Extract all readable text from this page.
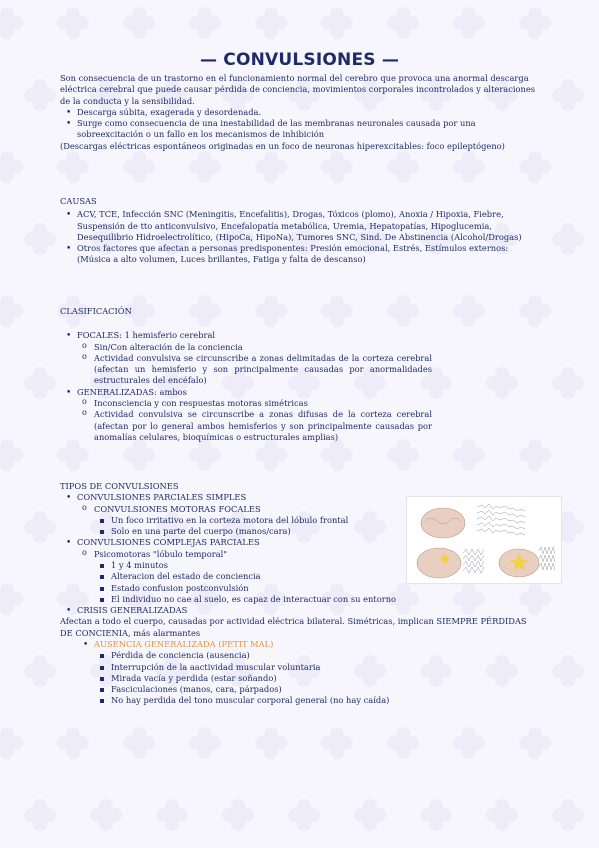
— CONVULSIONES —

Son consecuencia de un trastorno en el funcionamiento normal del cerebro que provoca una anormal descarga eléctrica cerebral que puede causar pérdida de conciencia, movimientos corporales incontrolados y alteraciones de la conducta y la sensibilidad.

• Descarga súbita, exagerada y desordenada.
• Surge como consecuencia de una inestabilidad de las membranas neuronales causada por una sobreexcitación o un fallo en los mecanismos de inhibición

(Descargas eléctricas espontáneos originadas en un foco de neuronas hiperexcitables: foco epileptógeno)

CAUSAS

• ACV, TCE, Infección SNC (Meningitis, Encefalitis), Drogas, Tóxicos (plomo), Anoxia / Hipoxia, Fiebre, Suspensión de tto anticonvulsivo, Encefalopatía metabólica, Uremia, Hepatopatías, Hipoglucemia, Desequilibrio Hidroelectrolítico, (HipoCa, HipoNa), Tumores SNC, Sind. De Abstinencia (Alcohol/Drogas)
• Otros factores que afectan a personas predisponentes: Presión emocional, Estrés, Estímulos externos: (Música a alto volumen, Luces brillantes, Fatiga y falta de descanso)

CLASIFICACIÓN

• FOCALES: 1 hemisferio cerebral
o Sin/Con alteración de la conciencia
o Actividad convulsiva se circunscribe a zonas delimitadas de la corteza cerebral (afectan un hemisferio y son principalmente causadas por anormalidades estructurales del encéfalo)
• GENERALIZADAS: ambos
o Inconsciencia y con respuestas motoras simétricas
o Actividad convulsiva se circunscribe a zonas difusas de la corteza cerebral (afectan por lo general ambos hemisferios y son principalmente causadas por anomalías celulares, bioquímicas o estructurales amplias)

TIPOS DE CONVULSIONES

• CONVULSIONES PARCIALES SIMPLES
o CONVULSIONES MOTORAS FOCALES
Un foco irritativo en la corteza motora del lóbulo frontal
Solo en una parte del cuerpo (manos/cara)
• CONVULSIONES COMPLEJAS PARCIALES
o Psicomotoras "lóbulo temporal"
1 y 4 minutos
Alteracion del estado de conciencia
Estado confusion postconvulsión
El individuo no cae al suelo, es capaz de interactuar con su entorno
• CRISIS GENERALIZADAS

Afectan a todo el cuerpo, causadas por actividad eléctrica bilateral. Simétricas, implican SIEMPRE PÉRDIDAS DE CONCIENIA, más alarmantes

• AUSENCIA GENERALIZADA (PETIT MAL)
Pérdida de conciencia (ausencia)
Interrupción de la aactividad muscular voluntaria
Mirada vacía y perdida (estar soñando)
Fasciculaciones (manos, cara, párpados)
No hay perdida del tono muscular corporal general (no hay caída)
